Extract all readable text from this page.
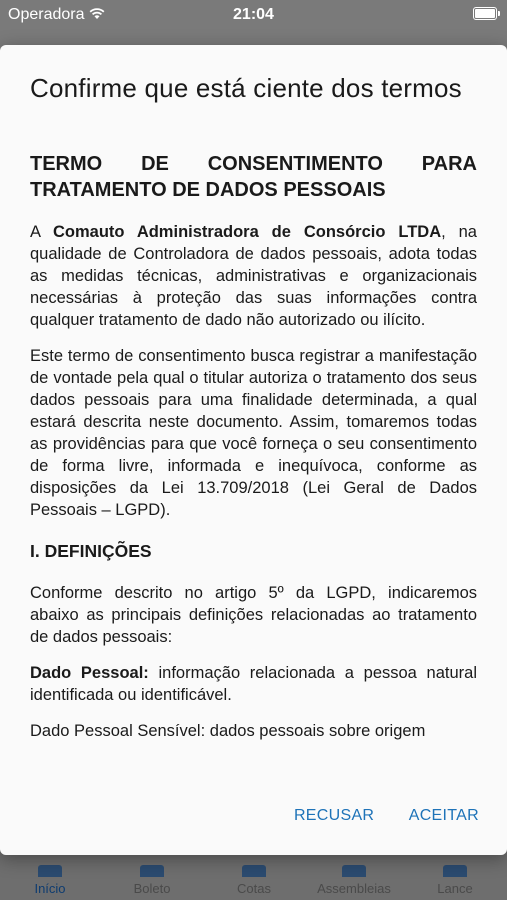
Operadora	21:04
Início	Boleto	Cotas	Assembleias	Lance
Confirme que está ciente dos termos
TERMO DE CONSENTIMENTO PARA
TRATAMENTO DE DADOS PESSOAIS

A Comauto Administradora de Consórcio LTDA, na qualidade de Controladora de dados pessoais, adota todas as medidas técnicas, administrativas e organizacionais necessárias à proteção das suas informações contra qualquer tratamento de dado não autorizado ou ilícito.

Este termo de consentimento busca registrar a manifestação de vontade pela qual o titular autoriza o tratamento dos seus dados pessoais para uma finalidade determinada, a qual estará descrita neste documento. Assim, tomaremos todas as providências para que você forneça o seu consentimento de forma livre, informada e inequívoca, conforme as disposições da Lei 13.709/2018 (Lei Geral de Dados Pessoais – LGPD).

I. DEFINIÇÕES

Conforme descrito no artigo 5º da LGPD, indicaremos abaixo as principais definições relacionadas ao tratamento de dados pessoais:

Dado Pessoal: informação relacionada a pessoa natural identificada ou identificável.

Dado Pessoal Sensível: dados pessoais sobre origem

RECUSAR ACEITAR
